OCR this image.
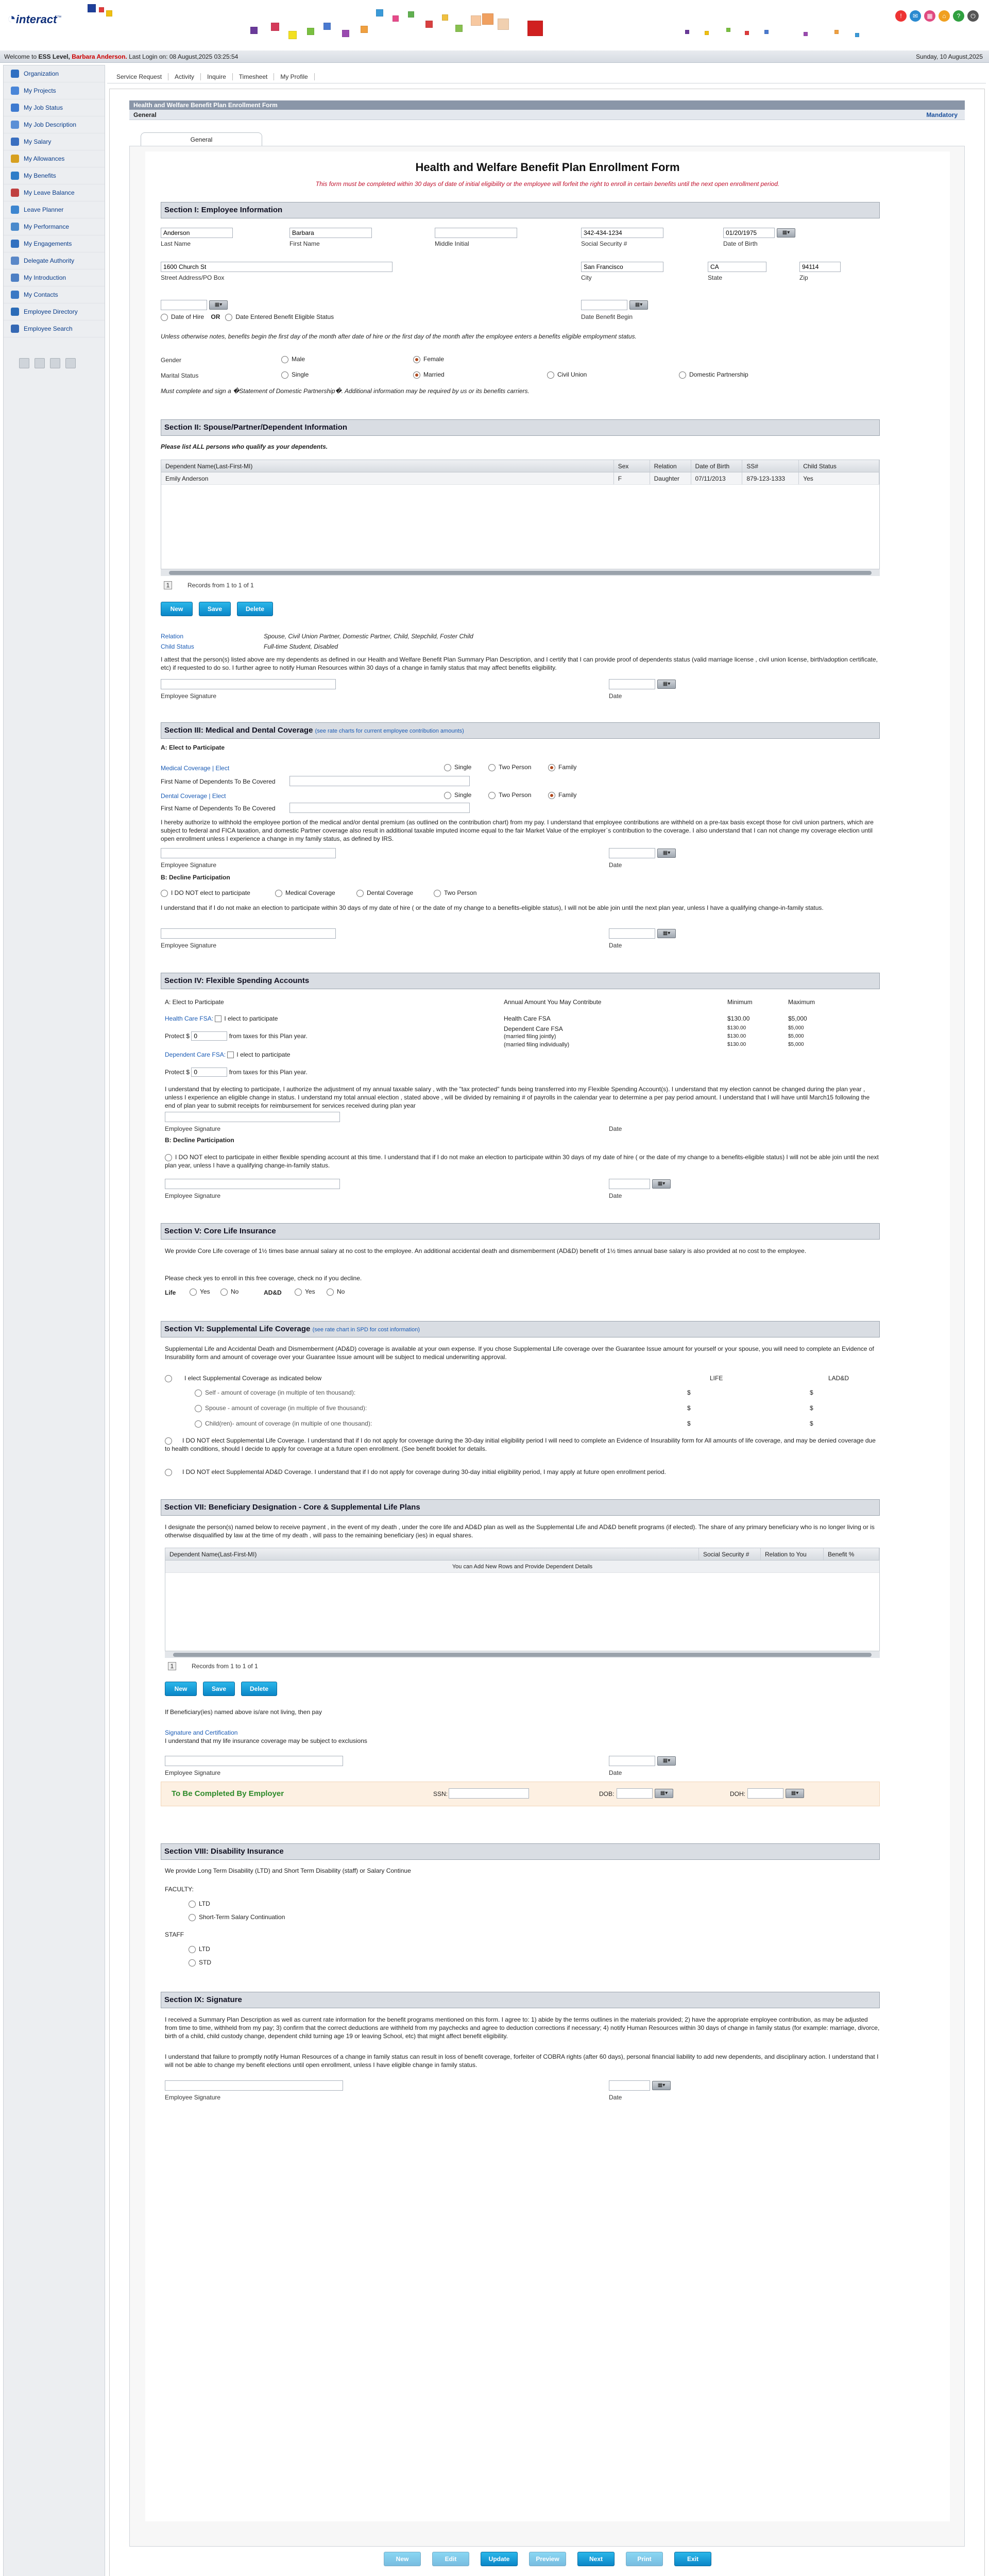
◔interact™	!	✉	▦	⌂	?	⏻
Welcome to ESS Level, Barbara Anderson. Last Login on: 08 August,2025 03:25:54	Sunday, 10 August,2025
Organization
My Projects
My Job Status
My Job Description
My Salary
My Allowances
My Benefits
My Leave Balance
Leave Planner
My Performance
My Engagements
Delegate Authority
My Introduction
My Contacts
Employee Directory
Employee Search
Service Request	Activity	Inquire	Timesheet	My Profile
Health and Welfare Benefit Plan Enrollment Form
General	Mandatory
General
Health and Welfare Benefit Plan Enrollment Form
This form must be completed within 30 days of date of initial eligibility or the employee will forfeit the right to enroll in certain benefits until the next open enrollment period.
Section I: Employee Information
Anderson
Barbara
342-434-1234
01/20/1975
▦▾
Last Name	First Name	Middle Initial	Social Security #	Date of Birth
1600 Church St
San Francisco
CA
94114
Street Address/PO Box	City	State	Zip
▦▾	▦▾
Date of Hire OR	Date Entered Benefit Eligible Status	Date Benefit Begin
Unless otherwise notes, benefits begin the first day of the month after date of hire or the first day of the month after the employee enters a benefits eligible employment status.
Gender	Male	Female
Marital Status	Single	Married	Civil Union	Domestic Partnership
Must complete and sign a �Statement of Domestic Partnership�. Additional information may be required by us or its benefits carriers.
Section II: Spouse/Partner/Dependent Information
Please list ALL persons who qualify as your dependents.
Dependent Name(Last-First-MI)	Sex	Relation	Date of Birth	SS#	Child Status
Emily Anderson	F	Daughter	07/11/2013	879-123-1333	Yes
1	Records from 1 to 1 of 1
New	Save	Delete
Relation	Spouse, Civil Union Partner, Domestic Partner, Child, Stepchild, Foster Child
Child Status	Full-time Student, Disabled
I attest that the person(s) listed above are my dependents as defined in our Health and Welfare Benefit Plan Summary Plan Description, and I certify that I can provide proof of dependents status (valid marriage license , civil union license, birth/adoption certificate, etc) if requested to do so. I further agree to notify Human Resources within 30 days of a change in family status that may affect benefits eligibility.
▦▾
Employee Signature	Date
Section III: Medical and Dental Coverage (see rate charts for current employee contribution amounts)
A: Elect to Participate
Medical Coverage | Elect	Single	Two Person	Family
First Name of Dependents To Be Covered
Dental Coverage | Elect	Single	Two Person	Family
First Name of Dependents To Be Covered
I hereby authorize to withhold the employee portion of the medical and/or dental premium (as outlined on the contribution chart) from my pay. I understand that employee contributions are withheld on a pre-tax basis except those for civil union partners, which are subject to federal and FICA taxation, and domestic Partner coverage also result in additional taxable imputed income equal to the fair Market Value of the employer`s contribution to the coverage. I also understand that I can not change my coverage election until open enrollment unless I experience a change in my family status, as defined by IRS.
▦▾
Employee Signature	Date
B: Decline Participation
I DO NOT elect to participate	Medical Coverage	Dental Coverage	Two Person
I understand that if I do not make an election to participate within 30 days of my date of hire ( or the date of my change to a benefits-eligible status), I will not be able join until the next plan year, unless I have a qualifying change-in-family status.
▦▾
Employee Signature	Date
Section IV: Flexible Spending Accounts
A: Elect to Participate
Health Care FSA: I elect to participate
Protect $ 0	from taxes for this Plan year.
Dependent Care FSA: I elect to participate
Protect $ 0	from taxes for this Plan year.
Annual Amount You May Contribute	Minimum	Maximum
Health Care FSA	$130.00	$5,000
Dependent Care FSA	$130.00	$5,000
(married filing jointly)	$130.00	$5,000
(married filing individually)	$130.00	$5,000
I understand that by electing to participate, I authorize the adjustment of my annual taxable salary , with the "tax protected" funds being transferred into my Flexible Spending Account(s). I understand that my election cannot be changed during the plan year , unless I experience an eligible change in status. I understand my total annual election , stated above , will be divided by remaining # of payrolls in the calendar year to determine a per pay period amount. I understand that I will have until March15 following the end of plan year to submit receipts for reimbursement for services received during plan year
Employee Signature	Date
B: Decline Participation
I DO NOT elect to participate in either flexible spending account at this time. I understand that if I do not make an election to participate within 30 days of my date of hire ( or the date of my change to a benefits-eligible status) I will not be able join until the next plan year, unless I have a qualifying change-in-family status.
▦▾
Employee Signature	Date
Section V: Core Life Insurance
We provide Core Life coverage of 1½ times base annual salary at no cost to the employee. An additional accidental death and dismemberment (AD&D) benefit of 1½ times annual base salary is also provided at no cost to the employee.
Please check yes to enroll in this free coverage, check no if you decline.
Life	Yes	No	AD&D	Yes	No
Section VI: Supplemental Life Coverage (see rate chart in SPD for cost information)
Supplemental Life and Accidental Death and Dismemberment (AD&D) coverage is available at your own expense. If you chose Supplemental Life coverage over the Guarantee Issue amount for yourself or your spouse, you will need to complete an Evidence of Insurability form and amount of coverage over your Guarantee Issue amount will be subject to medical underwriting approval.
I elect Supplemental Coverage as indicated below	LIFE	LAD&D
Self - amount of coverage (in multiple of ten thousand):
Spouse - amount of coverage (in multiple of five thousand):
Child(ren)- amount of coverage (in multiple of one thousand):
$	$
$	$
$	$
I DO NOT elect Supplemental Life Coverage. I understand that if I do not apply for coverage during the 30-day initial eligibility period I will need to complete an Evidence of Insurability form for All amounts of life coverage, and may be denied coverage due to health conditions, should I decide to apply for coverage at a future open enrollment. (See benefit booklet for details.
I DO NOT elect Supplemental AD&D Coverage. I understand that if I do not apply for coverage during 30-day initial eligibility period, I may apply at future open enrollment period.
Section VII: Beneficiary Designation - Core & Supplemental Life Plans
I designate the person(s) named below to receive payment , in the event of my death , under the core life and AD&D plan as well as the Supplemental Life and AD&D benefit programs (if elected). The share of any primary beneficiary who is no longer living or is otherwise disqualified by law at the time of my death , will pass to the remaining beneficiary (ies) in equal shares.
Dependent Name(Last-First-MI)	Social Security #	Relation to You	Benefit %
You can Add New Rows and Provide Dependent Details
1	Records from 1 to 1 of 1
New	Save	Delete
If Beneficiary(ies) named above is/are not living, then pay
Signature and Certification
I understand that my life insurance coverage may be subject to exclusions
▦▾
Employee Signature	Date
To Be Completed By Employer	SSN:	DOB:	▦▾	DOH:	▦▾
Section VIII: Disability Insurance
We provide Long Term Disability (LTD) and Short Term Disability (staff) or Salary Continue
FACULTY:
LTD
Short-Term Salary Continuation
STAFF
LTD
STD
Section IX: Signature
I received a Summary Plan Description as well as current rate information for the benefit programs mentioned on this form. I agree to: 1) abide by the terms outlines in the materials provided; 2) have the appropriate employee contribution, as may be adjusted from time to time, withheld from my pay; 3) confirm that the correct deductions are withheld from my paychecks and agree to deduction corrections if necessary; 4) notify Human Resources within 30 days of change in family status (for example: marriage, divorce, birth of a child, child custody change, dependent child turning age 19 or leaving School, etc) that might affect benefit eligibility.
I understand that failure to promptly notify Human Resources of a change in family status can result in loss of benefit coverage, forfeiter of COBRA rights (after 60 days), personal financial liability to add new dependents, and disciplinary action. I understand that I will not be able to change my benefit elections until open enrollment, unless I have eligible change in family status.
▦▾
Employee Signature	Date
New	Edit	Update	Preview	Next	Print	Exit
